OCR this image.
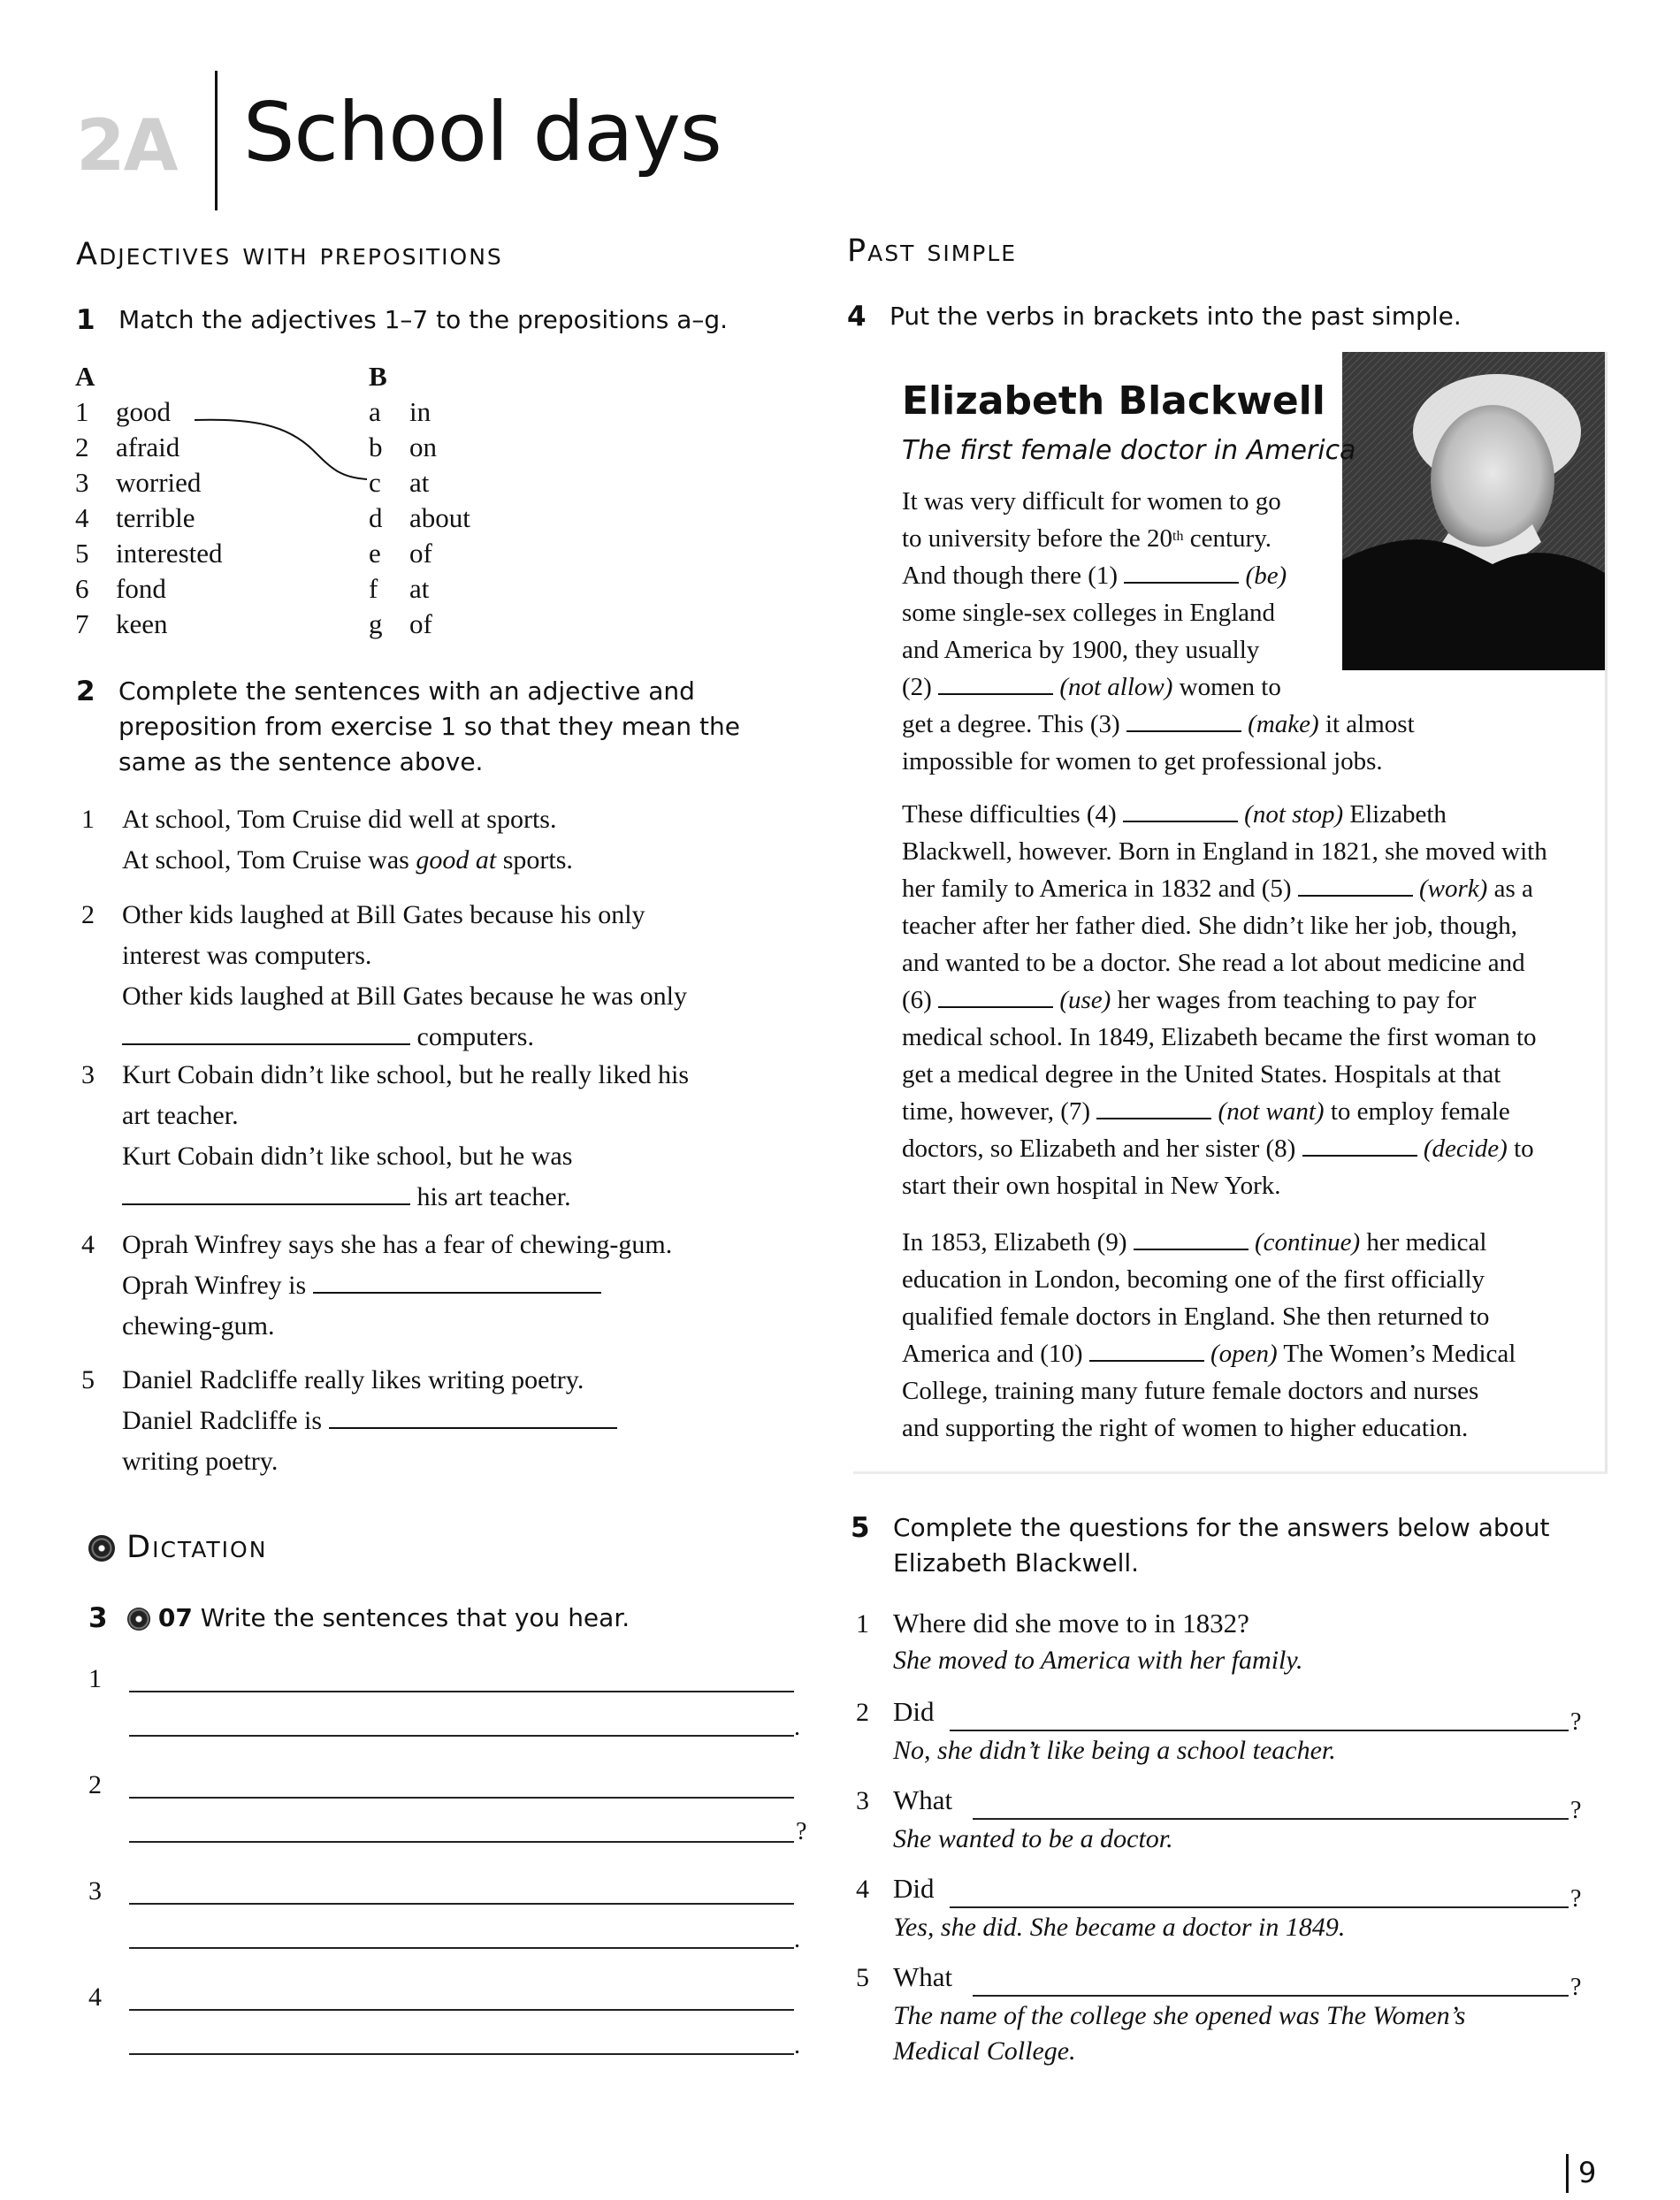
2A School days
Adjectives with prepositions
1 Match the adjectives 1–7 to the prepositions a–g.
A	B
1 good	a in
2 afraid	b on
3 worried	c at
4 terrible	d about
5 interested	e of
6 fond	f at
7 keen	g of
2 Complete the sentences with an adjective and
preposition from exercise 1 so that they mean the
same as the sentence above.
1 At school, Tom Cruise did well at sports.
At school, Tom Cruise was good at sports.
2 Other kids laughed at Bill Gates because his only
interest was computers.
Other kids laughed at Bill Gates because he was only
computers.
3 Kurt Cobain didn’t like school, but he really liked his
art teacher.
Kurt Cobain didn’t like school, but he was
his art teacher.
4 Oprah Winfrey says she has a fear of chewing-gum.
Oprah Winfrey is
chewing-gum.
5 Daniel Radcliffe really likes writing poetry.
Daniel Radcliffe is
writing poetry.
Dictation
3	07 Write the sentences that you hear.
1
.
2
?
3
.
4
.
Past simple
4 Put the verbs in brackets into the past simple.
Elizabeth Blackwell
The first female doctor in America
It was very difficult for women to go
to university before the 20th century.
And though there (1)	(be)
some single-sex colleges in England
and America by 1900, they usually
(2)	(not allow) women to
get a degree. This (3)	(make) it almost
impossible for women to get professional jobs.
These difficulties (4)	(not stop) Elizabeth
Blackwell, however. Born in England in 1821, she moved with
her family to America in 1832 and (5)	(work) as a
teacher after her father died. She didn’t like her job, though,
and wanted to be a doctor. She read a lot about medicine and
(6)	(use) her wages from teaching to pay for
medical school. In 1849, Elizabeth became the first woman to
get a medical degree in the United States. Hospitals at that
time, however, (7)	(not want) to employ female
doctors, so Elizabeth and her sister (8)	(decide) to
start their own hospital in New York.
In 1853, Elizabeth (9)	(continue) her medical
education in London, becoming one of the first officially
qualified female doctors in England. She then returned to
America and (10)	(open) The Women’s Medical
College, training many future female doctors and nurses
and supporting the right of women to higher education.
5 Complete the questions for the answers below about
Elizabeth Blackwell.
1 Where did she move to in 1832?
She moved to America with her family.
2 Did	?
No, she didn’t like being a school teacher.
3 What	?
She wanted to be a doctor.
4 Did	?
Yes, she did. She became a doctor in 1849.
5 What	?
The name of the college she opened was The Women’s
Medical College.
9
